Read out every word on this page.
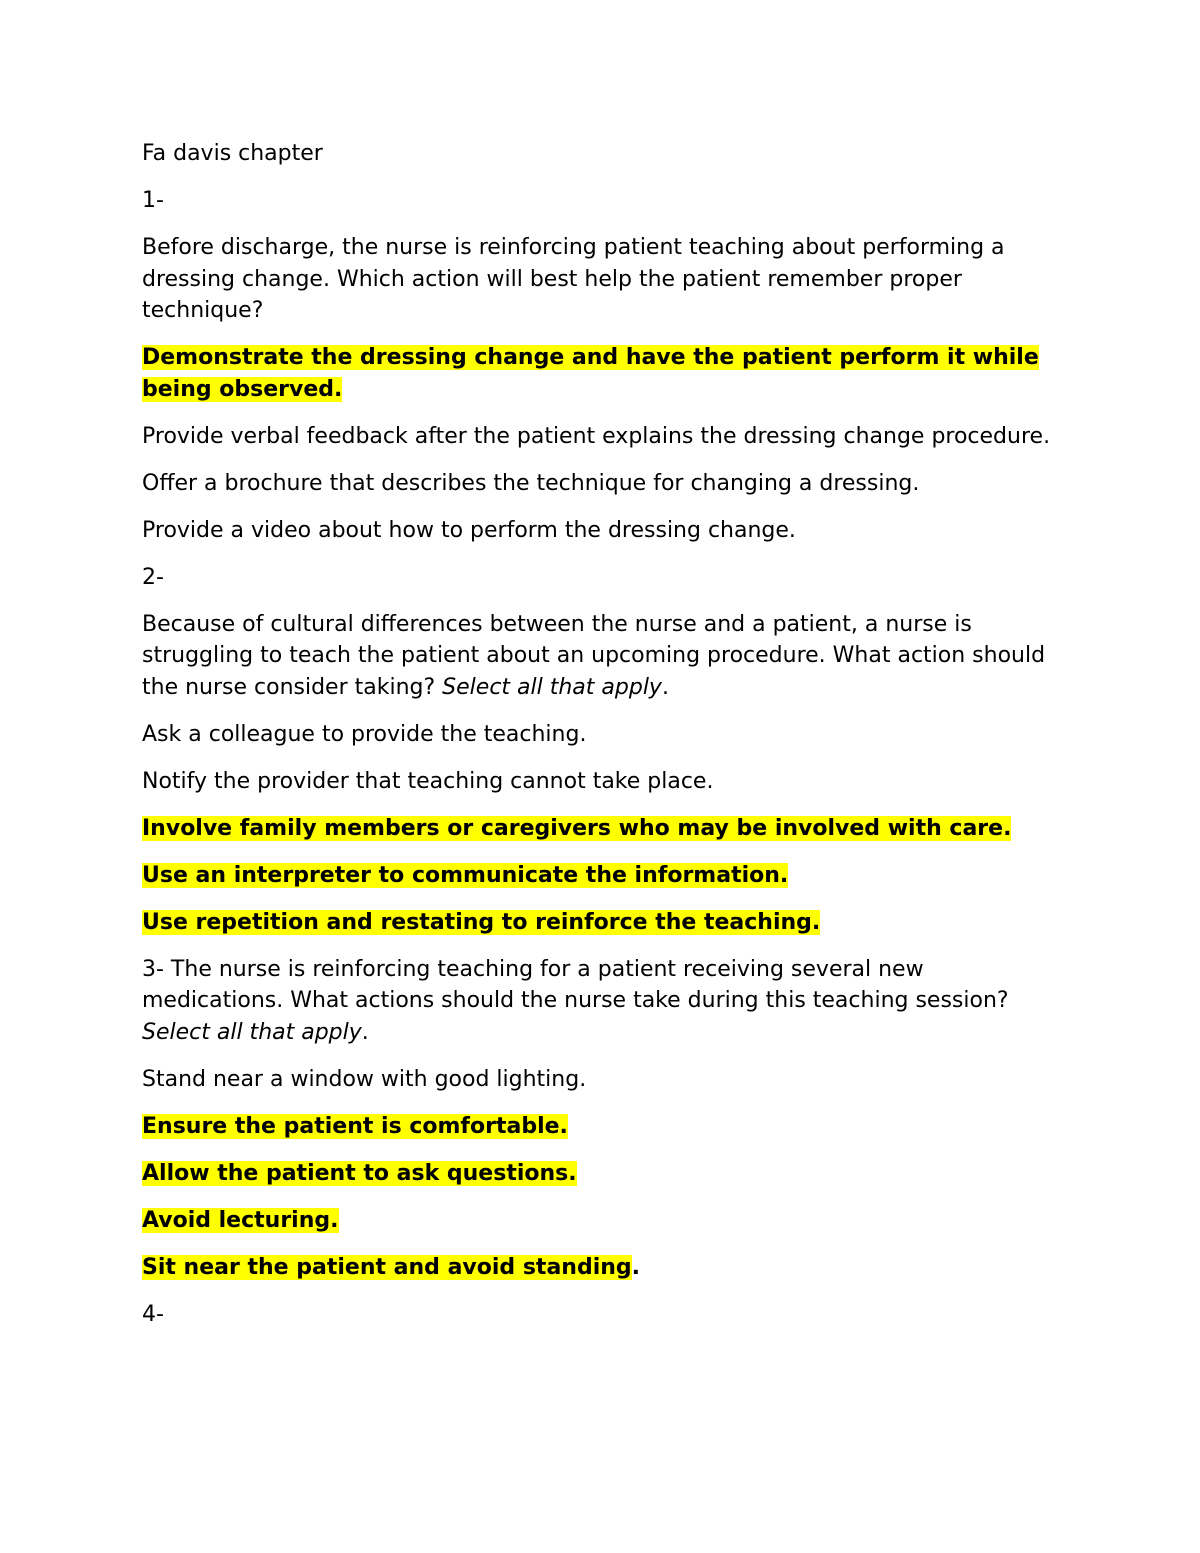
Fa davis chapter

1-

Before discharge, the nurse is reinforcing patient teaching about performing a dressing change. Which action will best help the patient remember proper technique?

Demonstrate the dressing change and have the patient perform it while being observed.

Provide verbal feedback after the patient explains the dressing change procedure.

Offer a brochure that describes the technique for changing a dressing.

Provide a video about how to perform the dressing change.

2-

Because of cultural differences between the nurse and a patient, a nurse is struggling to teach the patient about an upcoming procedure. What action should the nurse consider taking? Select all that apply.

Ask a colleague to provide the teaching.

Notify the provider that teaching cannot take place.

Involve family members or caregivers who may be involved with care.

Use an interpreter to communicate the information.

Use repetition and restating to reinforce the teaching.

3- The nurse is reinforcing teaching for a patient receiving several new medications. What actions should the nurse take during this teaching session? Select all that apply.

Stand near a window with good lighting.

Ensure the patient is comfortable.

Allow the patient to ask questions.

Avoid lecturing.

Sit near the patient and avoid standing.

4-
